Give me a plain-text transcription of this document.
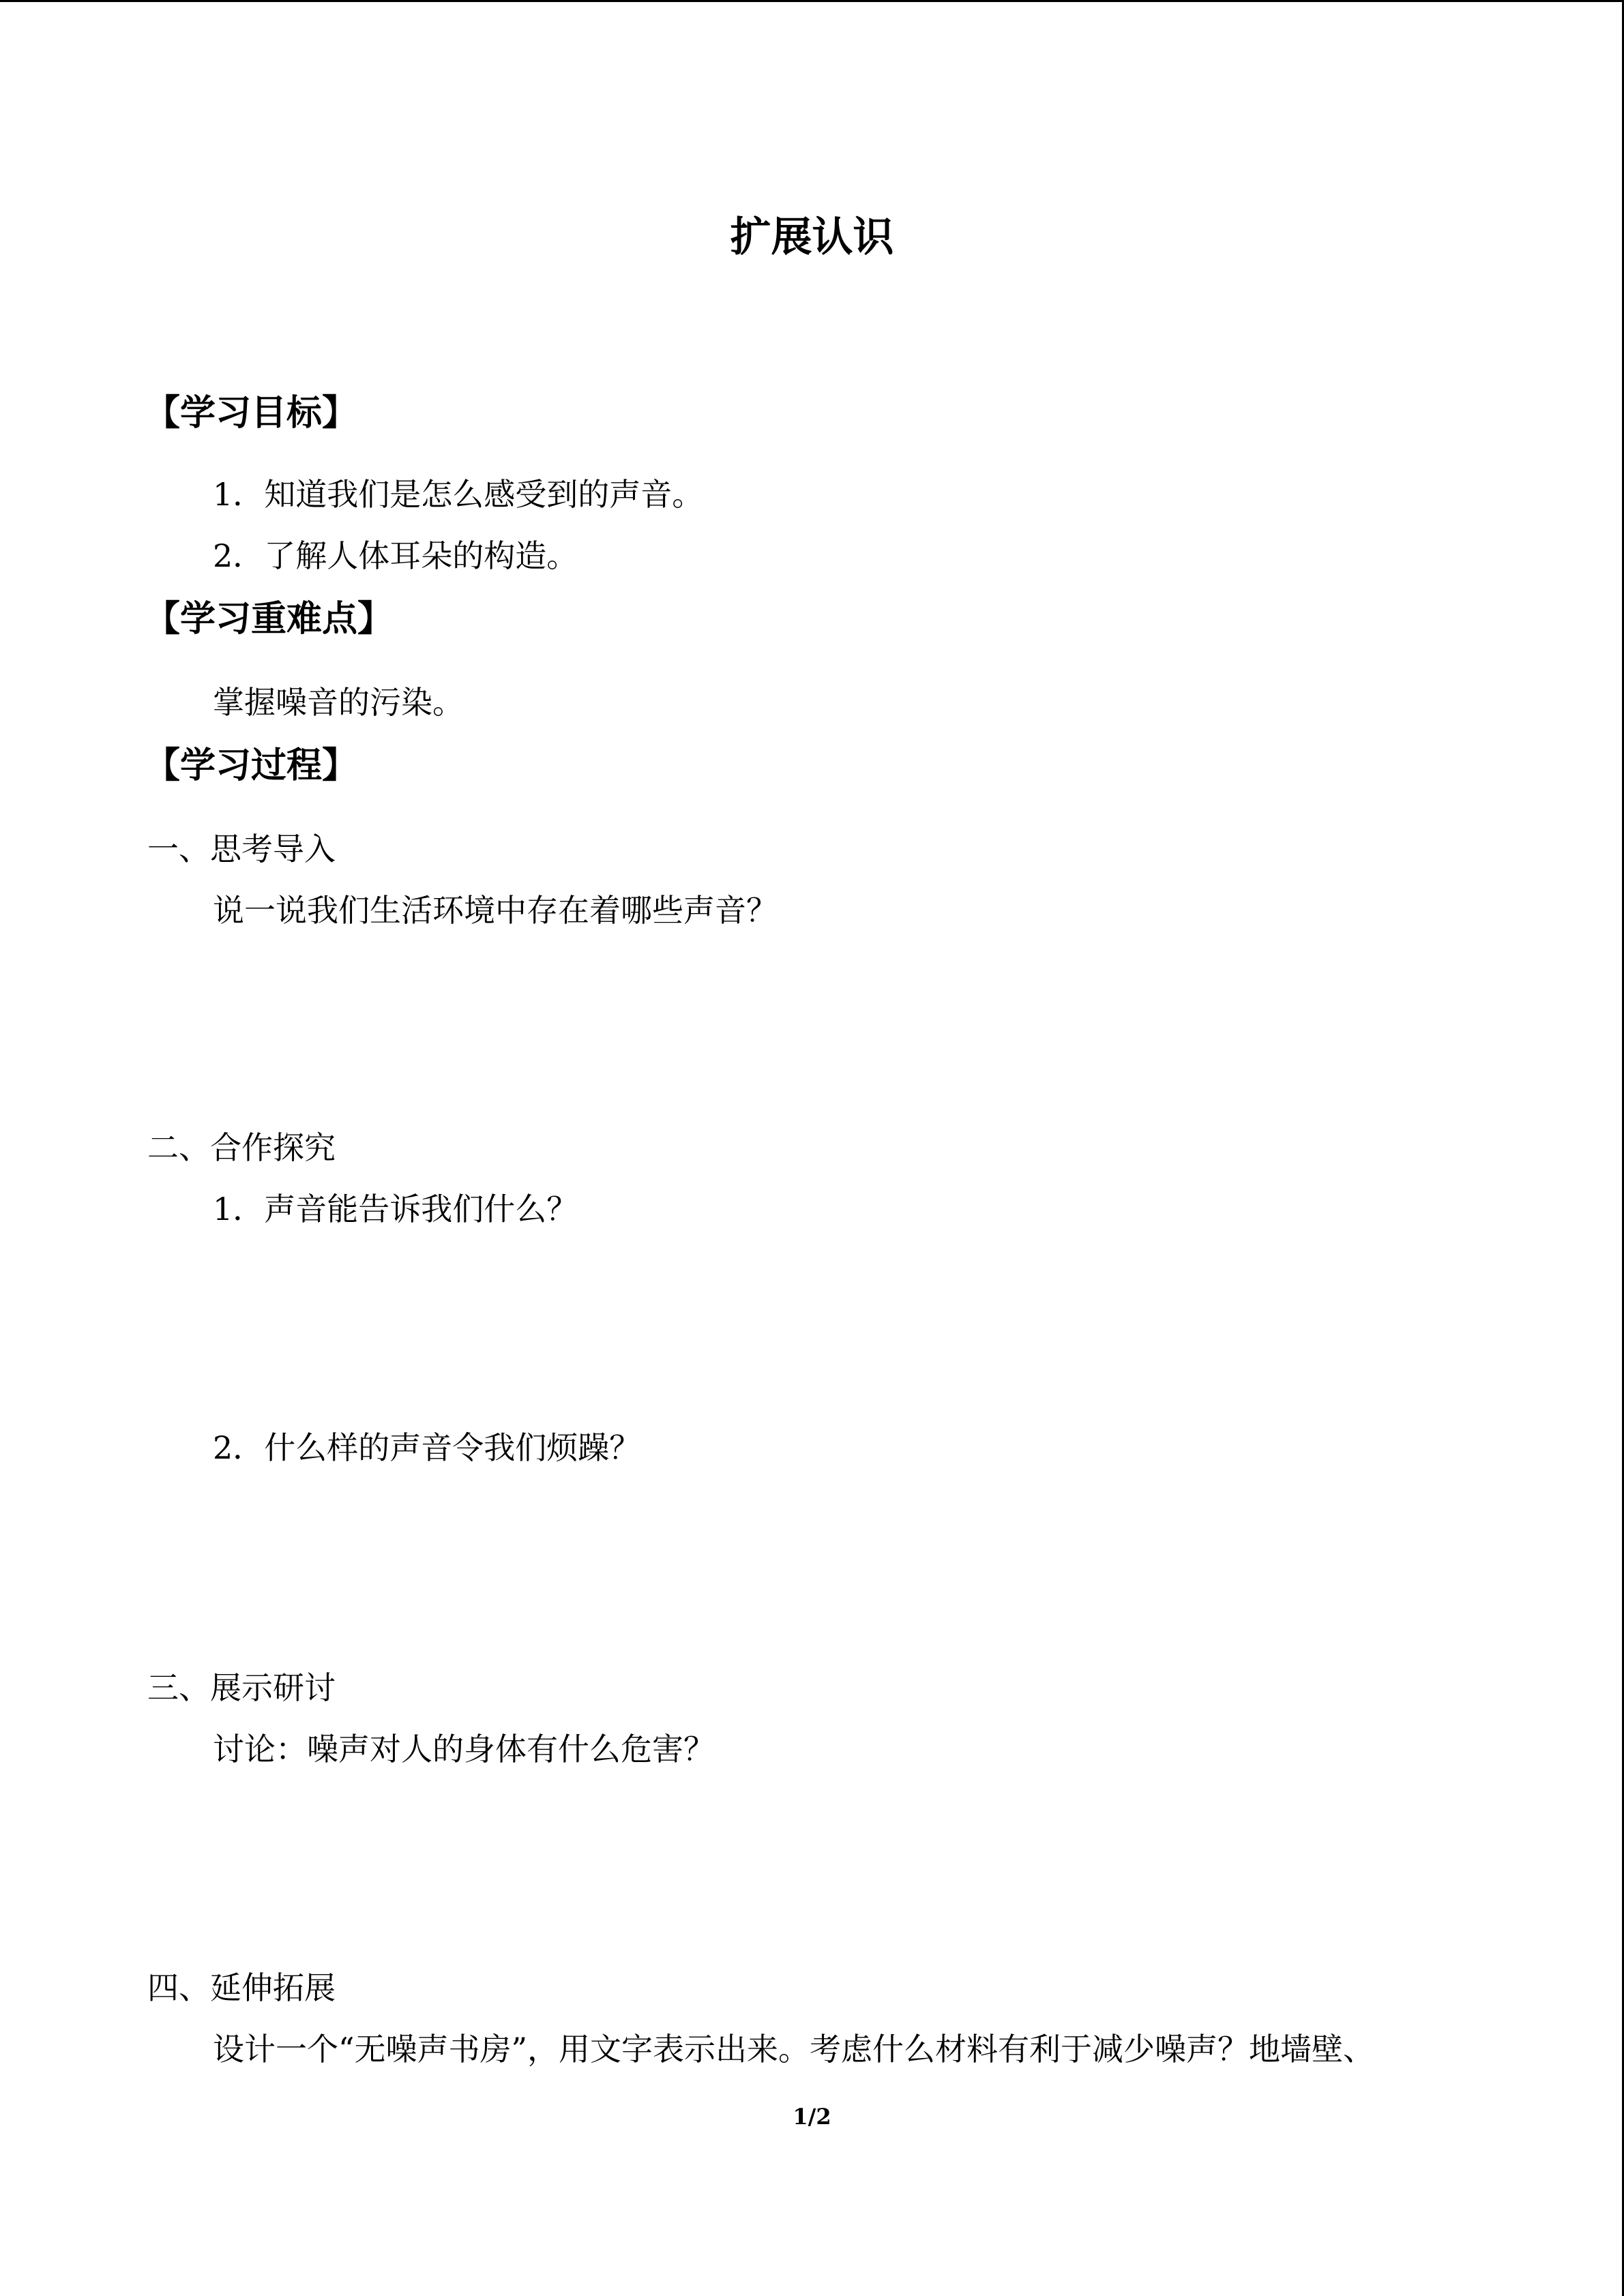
扩展认识
【学习目标】
1．知道我们是怎么感受到的声音。
2．了解人体耳朵的构造。
【学习重难点】
掌握噪音的污染。
【学习过程】
一、思考导入
说一说我们生活环境中存在着哪些声音？
二、合作探究
1．声音能告诉我们什么？
2．什么样的声音令我们烦躁？
三、展示研讨
讨论：噪声对人的身体有什么危害？
四、延伸拓展
设计一个“无噪声书房”，用文字表示出来。考虑什么材料有利于减少噪声？地墙壁、
1/2
